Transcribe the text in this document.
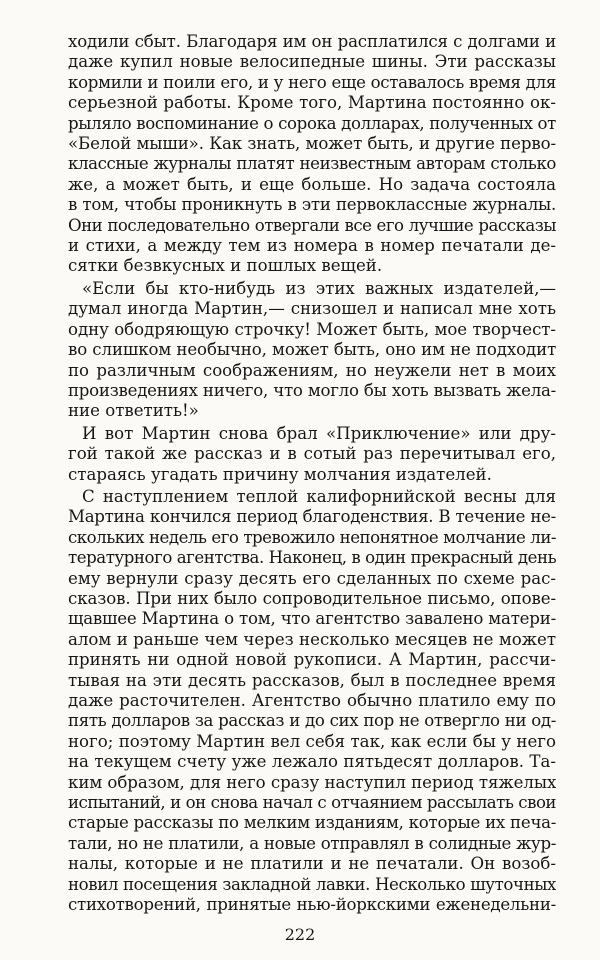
ходили сбыт. Благодаря им он расплатился с долгами и
даже купил новые велосипедные шины. Эти рассказы
кормили и поили его, и у него еще оставалось время для
серьезной работы. Кроме того, Мартина постоянно ок-
рыляло воспоминание о сорока долларах, полученных от
«Белой мыши». Как знать, может быть, и другие перво-
классные журналы платят неизвестным авторам столько
же, а может быть, и еще больше. Но задача состояла
в том, чтобы проникнуть в эти первоклассные журналы.
Они последовательно отвергали все его лучшие рассказы
и стихи, а между тем из номера в номер печатали де-
сятки безвкусных и пошлых вещей.

«Если бы кто-нибудь из этих важных издателей,—
думал иногда Мартин,— снизошел и написал мне хоть
одну ободряющую строчку! Может быть, мое творчест-
во слишком необычно, может быть, оно им не подходит
по различным соображениям, но неужели нет в моих
произведениях ничего, что могло бы хоть вызвать жела-
ние ответить!»

И вот Мартин снова брал «Приключение» или дру-
гой такой же рассказ и в сотый раз перечитывал его,
стараясь угадать причину молчания издателей.

С наступлением теплой калифорнийской весны для
Мартина кончился период благоденствия. В течение не-
скольких недель его тревожило непонятное молчание ли-
тературного агентства. Наконец, в один прекрасный день
ему вернули сразу десять его сделанных по схеме рас-
сказов. При них было сопроводительное письмо, опове-
щавшее Мартина о том, что агентство завалено матери-
алом и раньше чем через несколько месяцев не может
принять ни одной новой рукописи. А Мартин, рассчи-
тывая на эти десять рассказов, был в последнее время
даже расточителен. Агентство обычно платило ему по
пять долларов за рассказ и до сих пор не отвергло ни од-
ного; поэтому Мартин вел себя так, как если бы у него
на текущем счету уже лежало пятьдесят долларов. Та-
ким образом, для него сразу наступил период тяжелых
испытаний, и он снова начал с отчаянием рассылать свои
старые рассказы по мелким изданиям, которые их печа-
тали, но не платили, а новые отправлял в солидные жур-
налы, которые и не платили и не печатали. Он возоб-
новил посещения закладной лавки. Несколько шуточных
стихотворений, принятые нью-йоркскими еженедельни-

222
